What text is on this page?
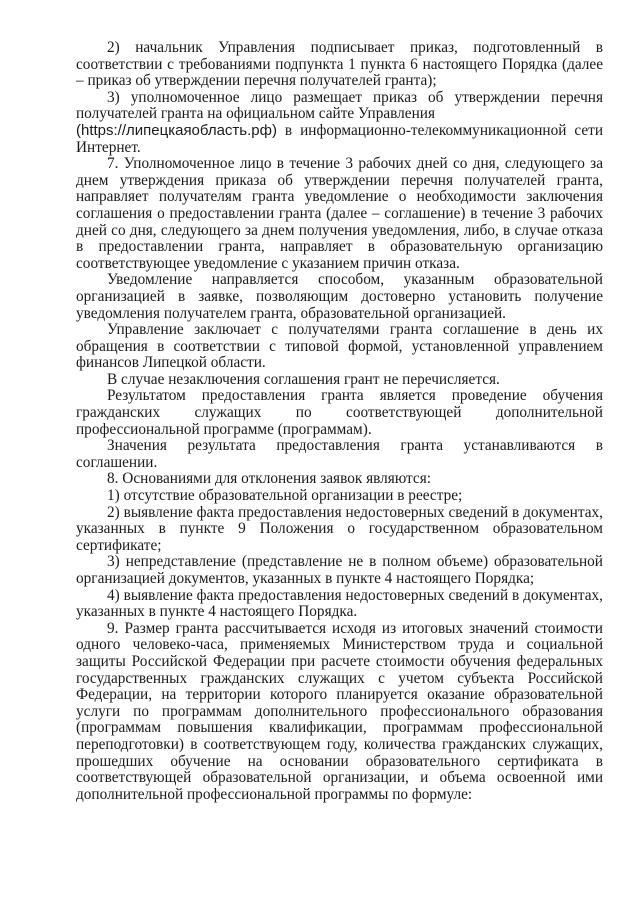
2) начальник Управления подписывает приказ, подготовленный в соответствии с требованиями подпункта 1 пункта 6 настоящего Порядка (далее – приказ об утверждении перечня получателей гранта);

3) уполномоченное лицо размещает приказ об утверждении перечня получателей гранта на официальном сайте Управления

(https://липецкаяобласть.рф) в информационно-телекоммуникационной сети Интернет.

7. Уполномоченное лицо в течение 3 рабочих дней со дня, следующего за днем утверждения приказа об утверждении перечня получателей гранта, направляет получателям гранта уведомление о необходимости заключения соглашения о предоставлении гранта (далее – соглашение) в течение 3 рабочих дней со дня, следующего за днем получения уведомления, либо, в случае отказа в предоставлении гранта, направляет в образовательную организацию соответствующее уведомление с указанием причин отказа.

Уведомление направляется способом, указанным образовательной организацией в заявке, позволяющим достоверно установить получение уведомления получателем гранта, образовательной организацией.

Управление заключает с получателями гранта соглашение в день их обращения в соответствии с типовой формой, установленной управлением финансов Липецкой области.

В случае незаключения соглашения грант не перечисляется.

Результатом предоставления гранта является проведение обучения гражданских служащих по соответствующей дополнительной профессиональной программе (программам).

Значения результата предоставления гранта устанавливаются в соглашении.

8. Основаниями для отклонения заявок являются:

1) отсутствие образовательной организации в реестре;

2) выявление факта предоставления недостоверных сведений в документах, указанных в пункте 9 Положения о государственном образовательном сертификате;

3) непредставление (представление не в полном объеме) образовательной организацией документов, указанных в пункте 4 настоящего Порядка;

4) выявление факта предоставления недостоверных сведений в документах, указанных в пункте 4 настоящего Порядка.

9. Размер гранта рассчитывается исходя из итоговых значений стоимости одного человеко-часа, применяемых Министерством труда и социальной защиты Российской Федерации при расчете стоимости обучения федеральных государственных гражданских служащих с учетом субъекта Российской Федерации, на территории которого планируется оказание образовательной услуги по программам дополнительного профессионального образования (программам повышения квалификации, программам профессиональной переподготовки) в соответствующем году, количества гражданских служащих, прошедших обучение на основании образовательного сертификата в соответствующей образовательной организации, и объема освоенной ими дополнительной профессиональной программы по формуле:
